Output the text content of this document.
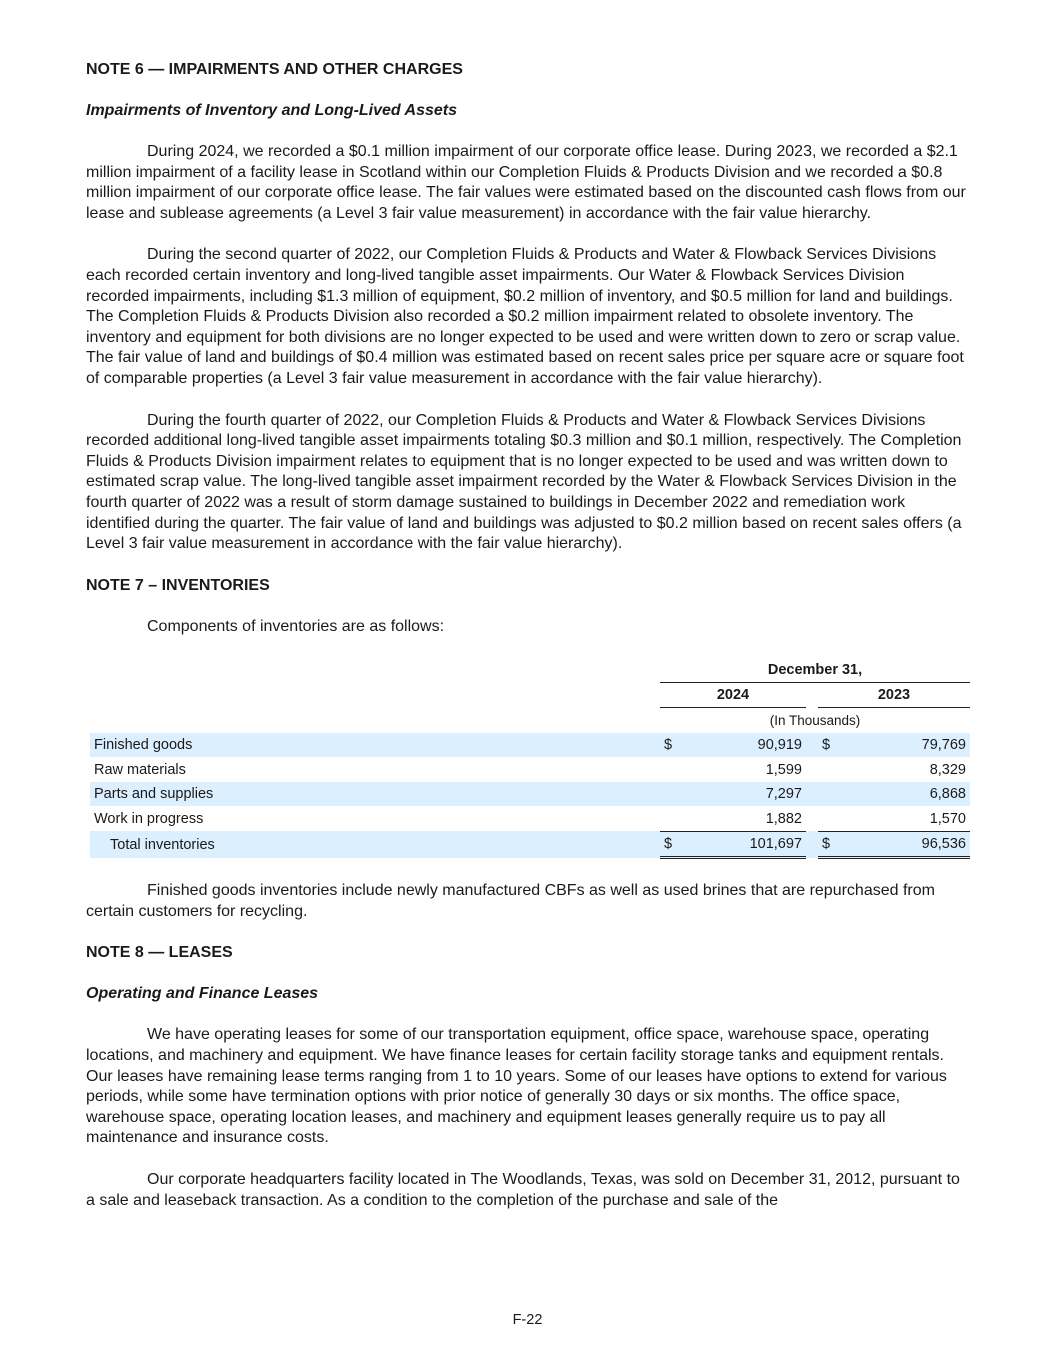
NOTE 6 — IMPAIRMENTS AND OTHER CHARGES

Impairments of Inventory and Long-Lived Assets

During 2024, we recorded a $0.1 million impairment of our corporate office lease. During 2023, we recorded a $2.1 million impairment of a facility lease in Scotland within our Completion Fluids & Products Division and we recorded a $0.8 million impairment of our corporate office lease. The fair values were estimated based on the discounted cash flows from our lease and sublease agreements (a Level 3 fair value measurement) in accordance with the fair value hierarchy.

During the second quarter of 2022, our Completion Fluids & Products and Water & Flowback Services Divisions each recorded certain inventory and long-lived tangible asset impairments. Our Water & Flowback Services Division recorded impairments, including $1.3 million of equipment, $0.2 million of inventory, and $0.5 million for land and buildings. The Completion Fluids & Products Division also recorded a $0.2 million impairment related to obsolete inventory. The inventory and equipment for both divisions are no longer expected to be used and were written down to zero or scrap value. The fair value of land and buildings of $0.4 million was estimated based on recent sales price per square acre or square foot of comparable properties (a Level 3 fair value measurement in accordance with the fair value hierarchy).

During the fourth quarter of 2022, our Completion Fluids & Products and Water & Flowback Services Divisions recorded additional long-lived tangible asset impairments totaling $0.3 million and $0.1 million, respectively. The Completion Fluids & Products Division impairment relates to equipment that is no longer expected to be used and was written down to estimated scrap value. The long-lived tangible asset impairment recorded by the Water & Flowback Services Division in the fourth quarter of 2022 was a result of storm damage sustained to buildings in December 2022 and remediation work identified during the quarter. The fair value of land and buildings was adjusted to $0.2 million based on recent sales offers (a Level 3 fair value measurement in accordance with the fair value hierarchy).

NOTE 7 – INVENTORIES

Components of inventories are as follows:

	December 31,				
	2024			2023	
	(In Thousands)				
Finished goods	$	90,919		$	79,769
Raw materials		1,599			8,329
Parts and supplies		7,297			6,868
Work in progress		1,882			1,570
Total inventories	$	101,697		$	96,536

Finished goods inventories include newly manufactured CBFs as well as used brines that are repurchased from certain customers for recycling.

NOTE 8 — LEASES

Operating and Finance Leases

We have operating leases for some of our transportation equipment, office space, warehouse space, operating locations, and machinery and equipment. We have finance leases for certain facility storage tanks and equipment rentals. Our leases have remaining lease terms ranging from 1 to 10 years. Some of our leases have options to extend for various periods, while some have termination options with prior notice of generally 30 days or six months. The office space, warehouse space, operating location leases, and machinery and equipment leases generally require us to pay all maintenance and insurance costs.

Our corporate headquarters facility located in The Woodlands, Texas, was sold on December 31, 2012, pursuant to a sale and leaseback transaction. As a condition to the completion of the purchase and sale of the

F-22
